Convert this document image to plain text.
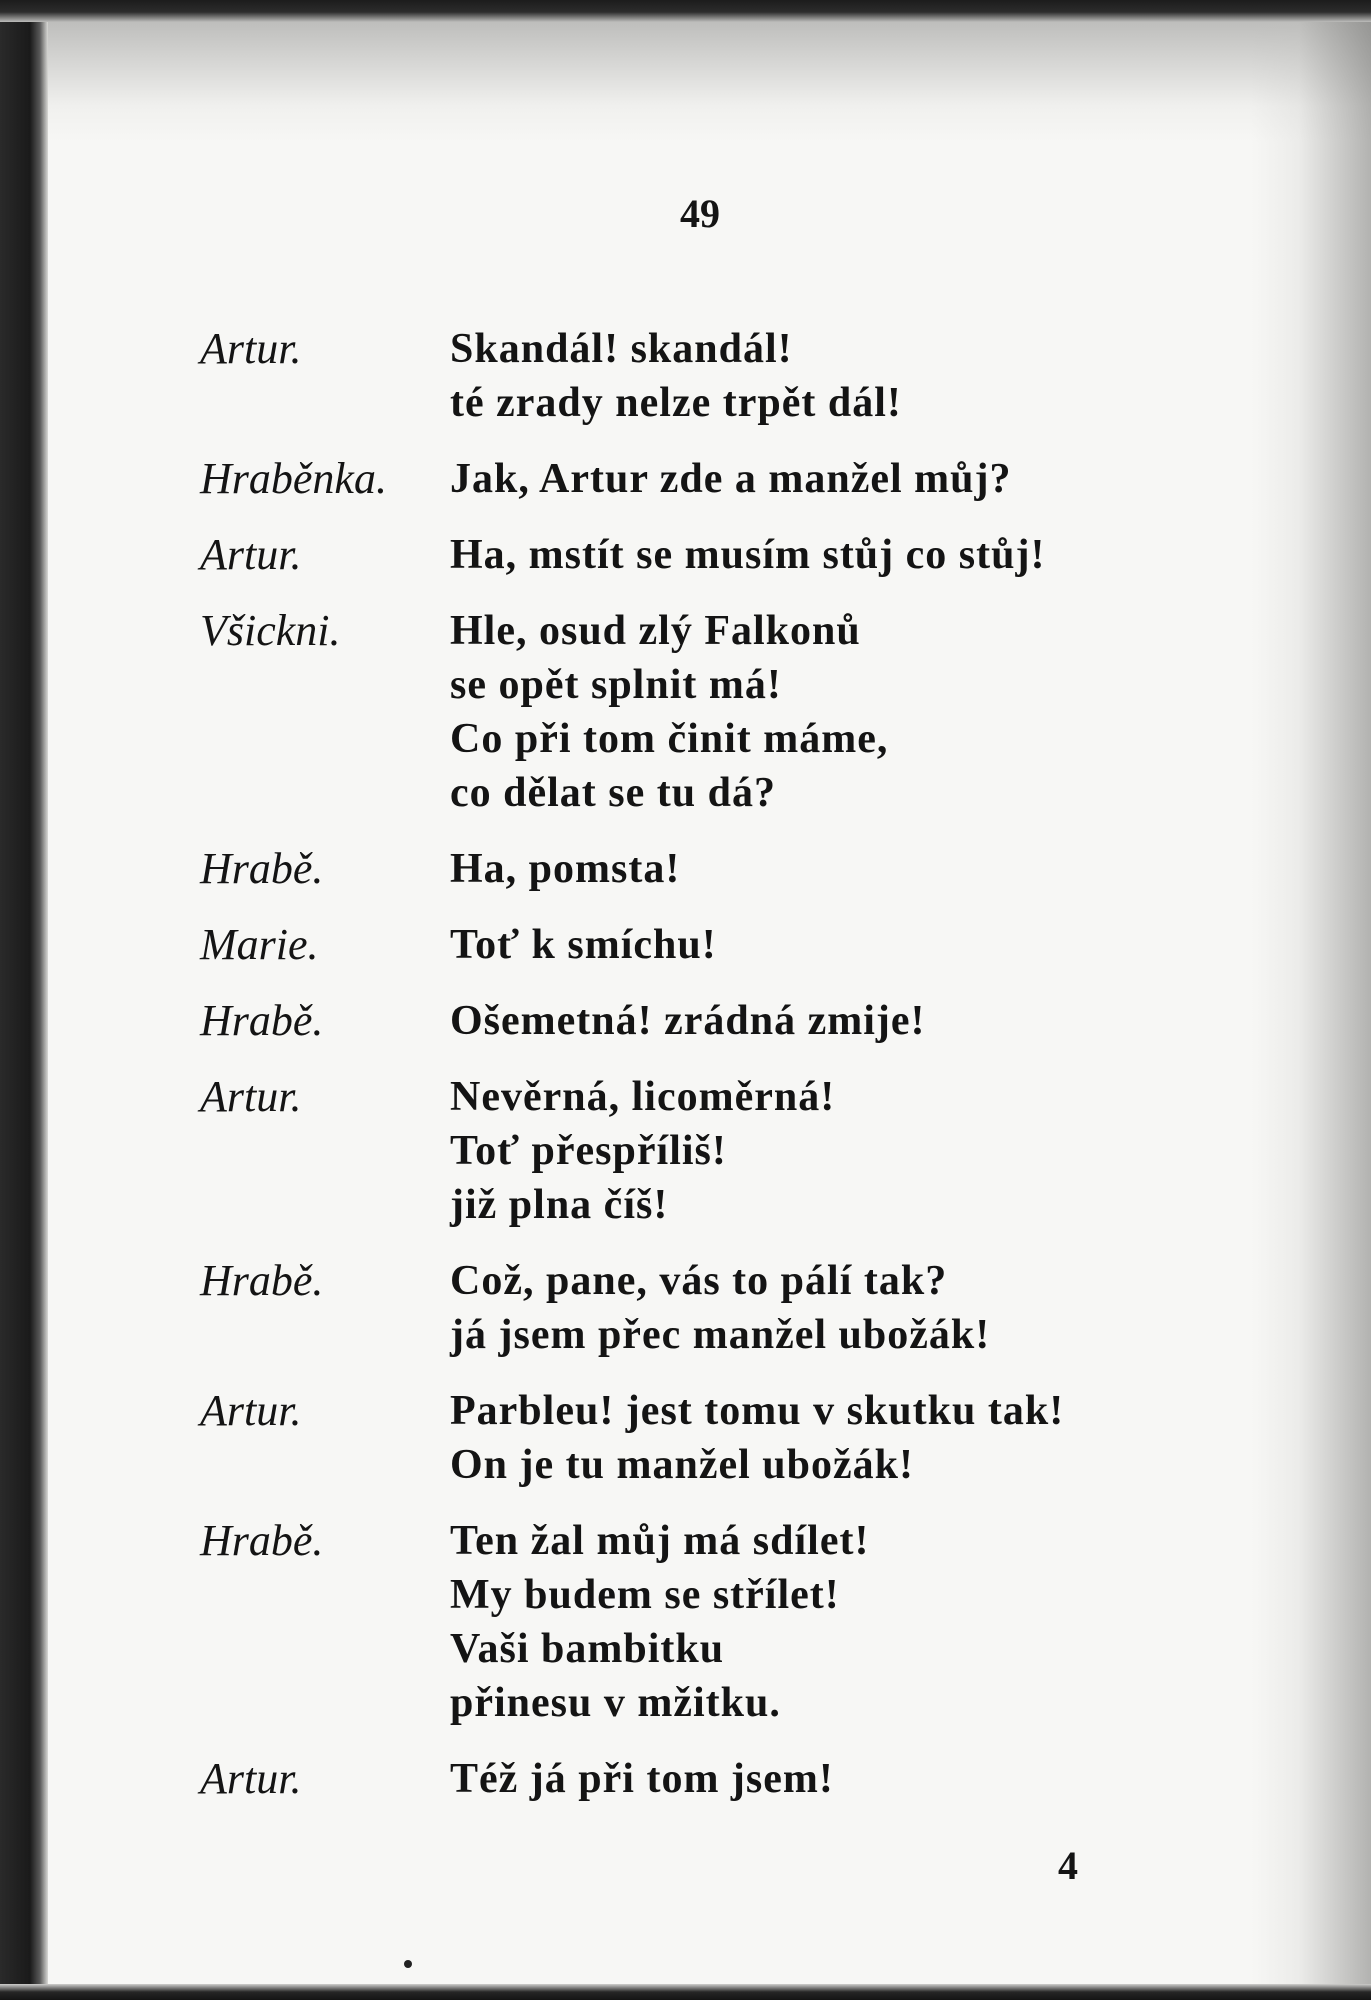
49
Artur.	Skandál! skandál!
té zrady nelze trpět dál!
Hraběnka.	Jak, Artur zde a manžel můj?
Artur.	Ha, mstít se musím stůj co stůj!
Všickni.	Hle, osud zlý Falkonů
se opět splnit má!
Co při tom činit máme,
co dělat se tu dá?
Hrabě.	Ha, pomsta!
Marie.	Toť k smíchu!
Hrabě.	Ošemetná! zrádná zmije!
Artur.	Nevěrná, licoměrná!
Toť přespříliš!
již plna číš!
Hrabě.	Což, pane, vás to pálí tak?
já jsem přec manžel ubožák!
Artur.	Parbleu! jest tomu v skutku tak!
On je tu manžel ubožák!
Hrabě.	Ten žal můj má sdílet!
My budem se střílet!
Vaši bambitku
přinesu v mžitku.
Artur.	Též já při tom jsem!
4
